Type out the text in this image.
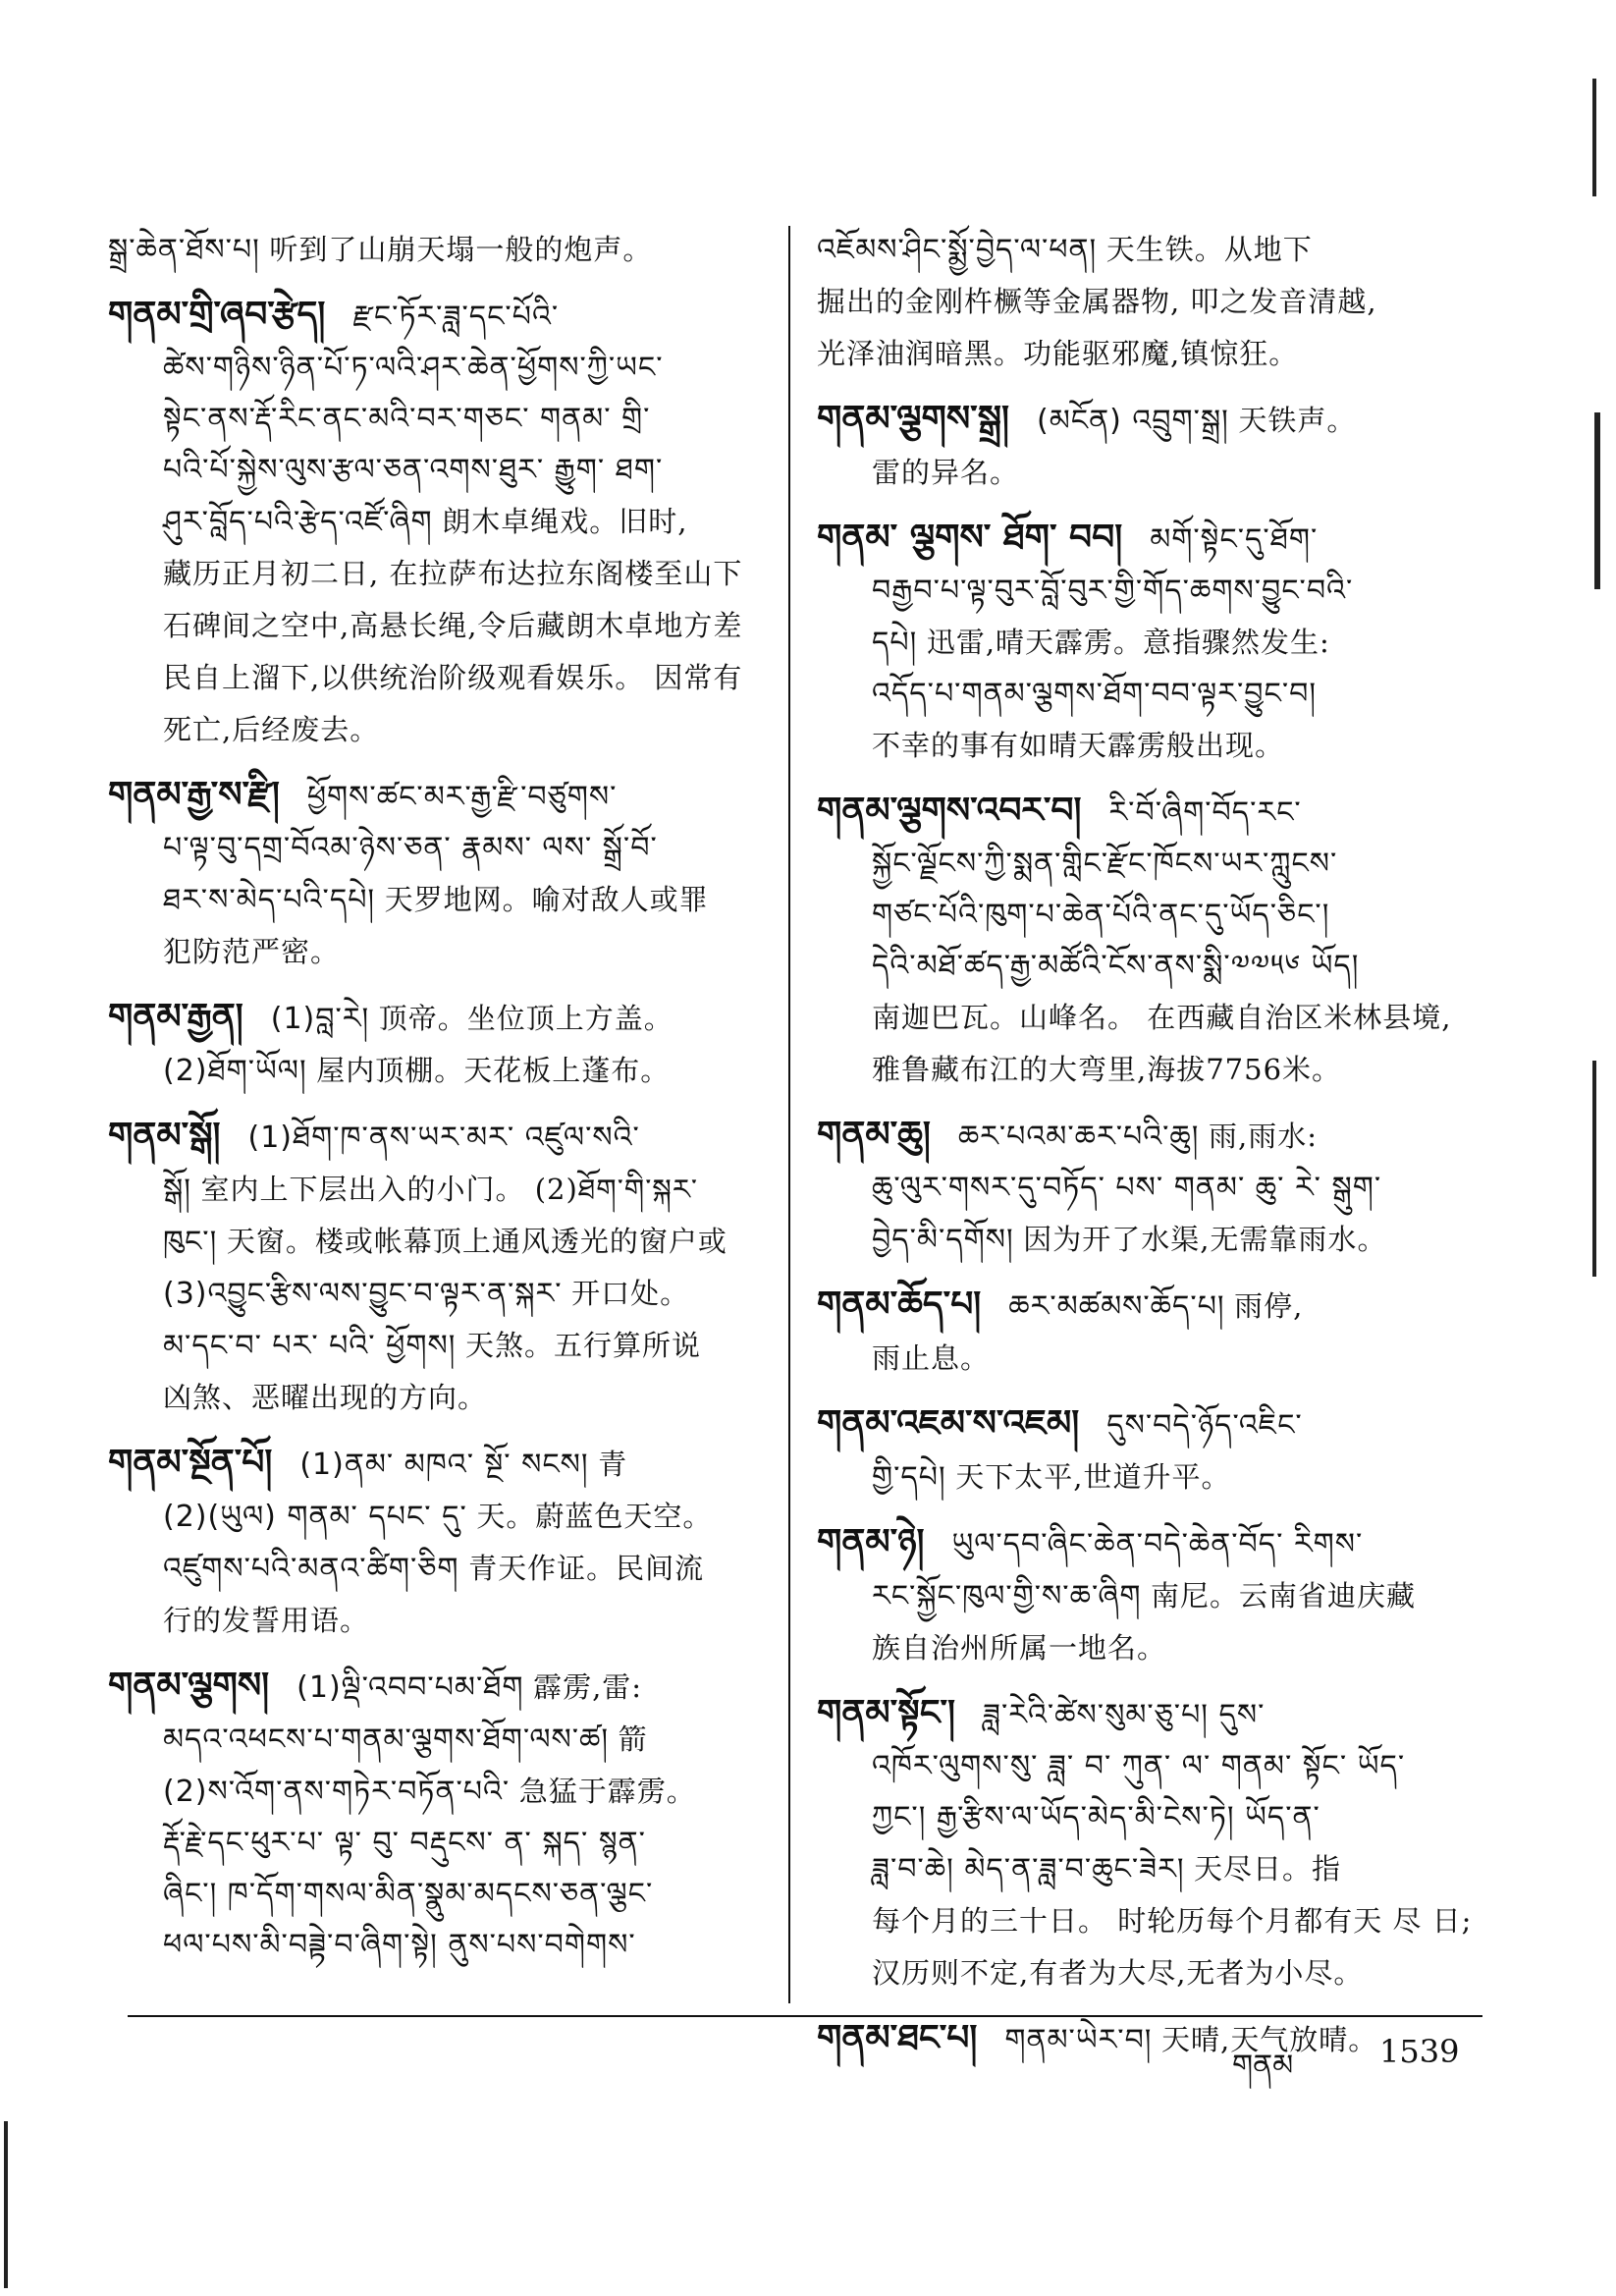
སྒྲ་ཆེན་ཐོས་པ། 听到了山崩天塌一般的炮声。
གནམ་གྲི་ཞབ་རྩེད། རྫང་ཏོར་ཟླ་དང་པོའི་
ཚེས་གཉིས་ཉིན་པོ་ཏ་ལའི་ཤར་ཆེན་ཕྱོགས་ཀྱི་ཡང་
སྟེང་ནས་རྡོ་རིང་ནང་མའི་བར་གཅང་ གནམ་ གྲི་
པའི་པོ་སྐྱེས་ལུས་རྩལ་ཅན་འགས་ཐུར་ རྒྱུག་ ཐག་
ཤུར་བློད་པའི་རྩེད་འཛོ་ཞིག 朗木卓绳戏。旧时,
藏历正月初二日, 在拉萨布达拉东阁楼至山下
石碑间之空中,高悬长绳,令后藏朗木卓地方差
民自上溜下,以供统治阶级观看娱乐。 因常有
死亡,后经废去。
གནམ་རྒྱ་ས་རྫི། ཕྱོགས་ཚང་མར་རྒྱ་རྫི་བཙུགས་
པ་ལྟ་བུ་དགྲ་བོའམ་ཉེས་ཅན་ རྣམས་ ལས་ སྒྲོ་བོ་
ཐར་ས་མེད་པའི་དཔེ། 天罗地网。喻对敌人或罪
犯防范严密。
གནམ་རྒྱན། (1)བླ་རེ། 顶帝。坐位顶上方盖。
(2)ཐོག་ཡོལ། 屋内顶棚。天花板上蓬布。
གནམ་སྒོ། (1)ཐོག་ཁ་ནས་ཡར་མར་ འཛུལ་སའི་
སྒོ། 室内上下层出入的小门。 (2)ཐོག་གི་སྐར་
ཁུང་། 天窗。楼或帐幕顶上通风透光的窗户或
(3)འབྱུང་རྩིས་ལས་བྱུང་བ་ལྟར་ན་སྐར་ 开口处。
མ་དང་བ་ པར་ པའི་ ཕྱོགས། 天煞。五行算所说
凶煞、恶曜出现的方向。
གནམ་སྔོན་པོ། (1)ནམ་ མཁའ་ སྔོ་ སངས། 青
(2)(ཡུལ) གནམ་ དཔང་ དུ་ 天。蔚蓝色天空。
འཛུགས་པའི་མནའ་ཚིག་ཅིག 青天作证。民间流
行的发誓用语。
གནམ་ལྕགས། (1)ལྡི་འབབ་པམ་ཐོག 霹雳,雷:
མདའ་འཕངས་པ་གནམ་ལྕགས་ཐོག་ལས་ཚ། 箭
(2)ས་འོག་ནས་གཏེར་བཏོན་པའི་ 急猛于霹雳。
རྡོ་རྗེ་དང་ཕུར་པ་ ལྟ་ བུ་ བརྡུངས་ ན་ སྐད་ སྙན་
ཞིང་། ཁ་དོག་གསལ་མིན་སྣུམ་མདངས་ཅན་ལྕང་
ཕལ་པས་མི་བཟྟེ་བ་ཞིག་སྟེ། ནུས་པས་བགེགས་
འཇོམས་ཤིང་སྨྱོ་བྱེད་ལ་ཕན། 天生铁。从地下
掘出的金刚杵橛等金属器物, 叩之发音清越,
光泽油润暗黑。功能驱邪魔,镇惊狂。
གནམ་ལྕགས་སྒྲ། (མངོན) འབྲུག་སྒྲ། 天铁声。
雷的异名。
གནམ་ ལྕགས་ ཐོག་ བབ། མགོ་སྟེང་དུ་ཐོག་
བརྒྱབ་པ་ལྟ་བུར་བློ་བུར་གྱི་གོད་ཆགས་བྱུང་བའི་
དཔེ། 迅雷,晴天霹雳。意指骤然发生:
འདོད་པ་གནམ་ལྕགས་ཐོག་བབ་ལྟར་བྱུང་བ།
不幸的事有如晴天霹雳般出现。
གནམ་ལྕགས་འབར་བ། རི་བོ་ཞིག་བོད་རང་
སྐྱོང་ལྗོངས་ཀྱི་སྨན་གླིང་རྫོང་ཁོངས་ཡར་ཀླུངས་
གཙང་པོའི་ཁུག་པ་ཆེན་པོའི་ནང་དུ་ཡོད་ཅིང་།
དེའི་མཐོ་ཚད་རྒྱ་མཚོའི་ངོས་ནས་སྨི་༧༧༥༦ ཡོད།
南迦巴瓦。山峰名。 在西藏自治区米林县境,
雅鲁藏布江的大弯里,海拔7756米。
གནམ་ཆུ། ཆར་པའམ་ཆར་པའི་ཆུ། 雨,雨水:
ཆུ་ལུར་གསར་དུ་བཏོད་ པས་ གནམ་ ཆུ་ རེ་ སྒུག་
བྱེད་མི་དགོས། 因为开了水渠,无需靠雨水。
གནམ་ཆོད་པ། ཆར་མཚམས་ཆོད་པ། 雨停,
雨止息。
གནམ་འཇམ་ས་འཇམ། དུས་བདེ་ཉོད་འཇིང་
གྱི་དཔེ། 天下太平,世道升平。
གནམ་ཉེ། ཡུལ་དབ་ཞིང་ཆེན་བདེ་ཆེན་བོད་ རིགས་
རང་སྐྱོང་ཁུལ་གྱི་ས་ཆ་ཞིག 南尼。云南省迪庆藏
族自治州所属一地名。
གནམ་སྟོང་། ཟླ་རེའི་ཚེས་སུམ་ཅུ་པ། དུས་
འཁོར་ལུགས་སུ་ ཟླ་ བ་ ཀུན་ ལ་ གནམ་ སྟོང་ ཡོད་
ཀྱང་། རྒྱ་རྩིས་ལ་ཡོད་མེད་མི་ངེས་ཏེ། ཡོད་ན་
ཟླ་བ་ཆེ། མེད་ན་ཟླ་བ་ཆུང་ཟེར། 天尽日。指
每个月的三十日。 时轮历每个月都有天 尽 日;
汉历则不定,有者为大尽,无者为小尽。
གནམ་ཐང་པ། གནམ་ཡེར་བ། 天晴,天气放晴。
གནམ	1539
